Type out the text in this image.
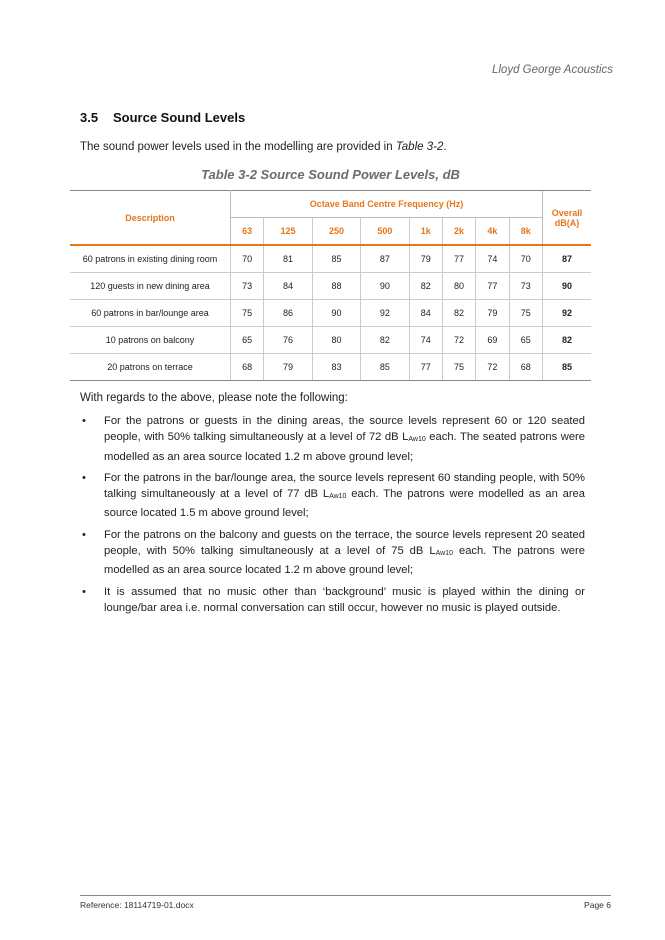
Lloyd George Acoustics
3.5 Source Sound Levels
The sound power levels used in the modelling are provided in Table 3-2.
Table 3-2 Source Sound Power Levels, dB
Description	Octave Band Centre Frequency (Hz)								Overall dB(A)
	63	125	250	500	1k	2k	4k	8k	

60 patrons in existing dining room	70	81	85	87	79	77	74	70	87
120 guests in new dining area	73	84	88	90	82	80	77	73	90
60 patrons in bar/lounge area	75	86	90	92	84	82	79	75	92
10 patrons on balcony	65	76	80	82	74	72	69	65	82
20 patrons on terrace	68	79	83	85	77	75	72	68	85
With regards to the above, please note the following:
• For the patrons or guests in the dining areas, the source levels represent 60 or 120 seated people, with 50% talking simultaneously at a level of 72 dB $L_{Aw10}$ each. The seated patrons were modelled as an area source located 1.2 m above ground level;
• For the patrons in the bar/lounge area, the source levels represent 60 standing people, with 50% talking simultaneously at a level of 77 dB $L_{Aw10}$ each. The patrons were modelled as an area source located 1.5 m above ground level;
• For the patrons on the balcony and guests on the terrace, the source levels represent 20 seated people, with 50% talking simultaneously at a level of 75 dB $L_{Aw10}$ each. The patrons were modelled as an area source located 1.2 m above ground level;
• It is assumed that no music other than ‘background’ music is played within the dining or lounge/bar area i.e. normal conversation can still occur, however no music is played outside.
Reference: 18114719-01.docx	Page 6
